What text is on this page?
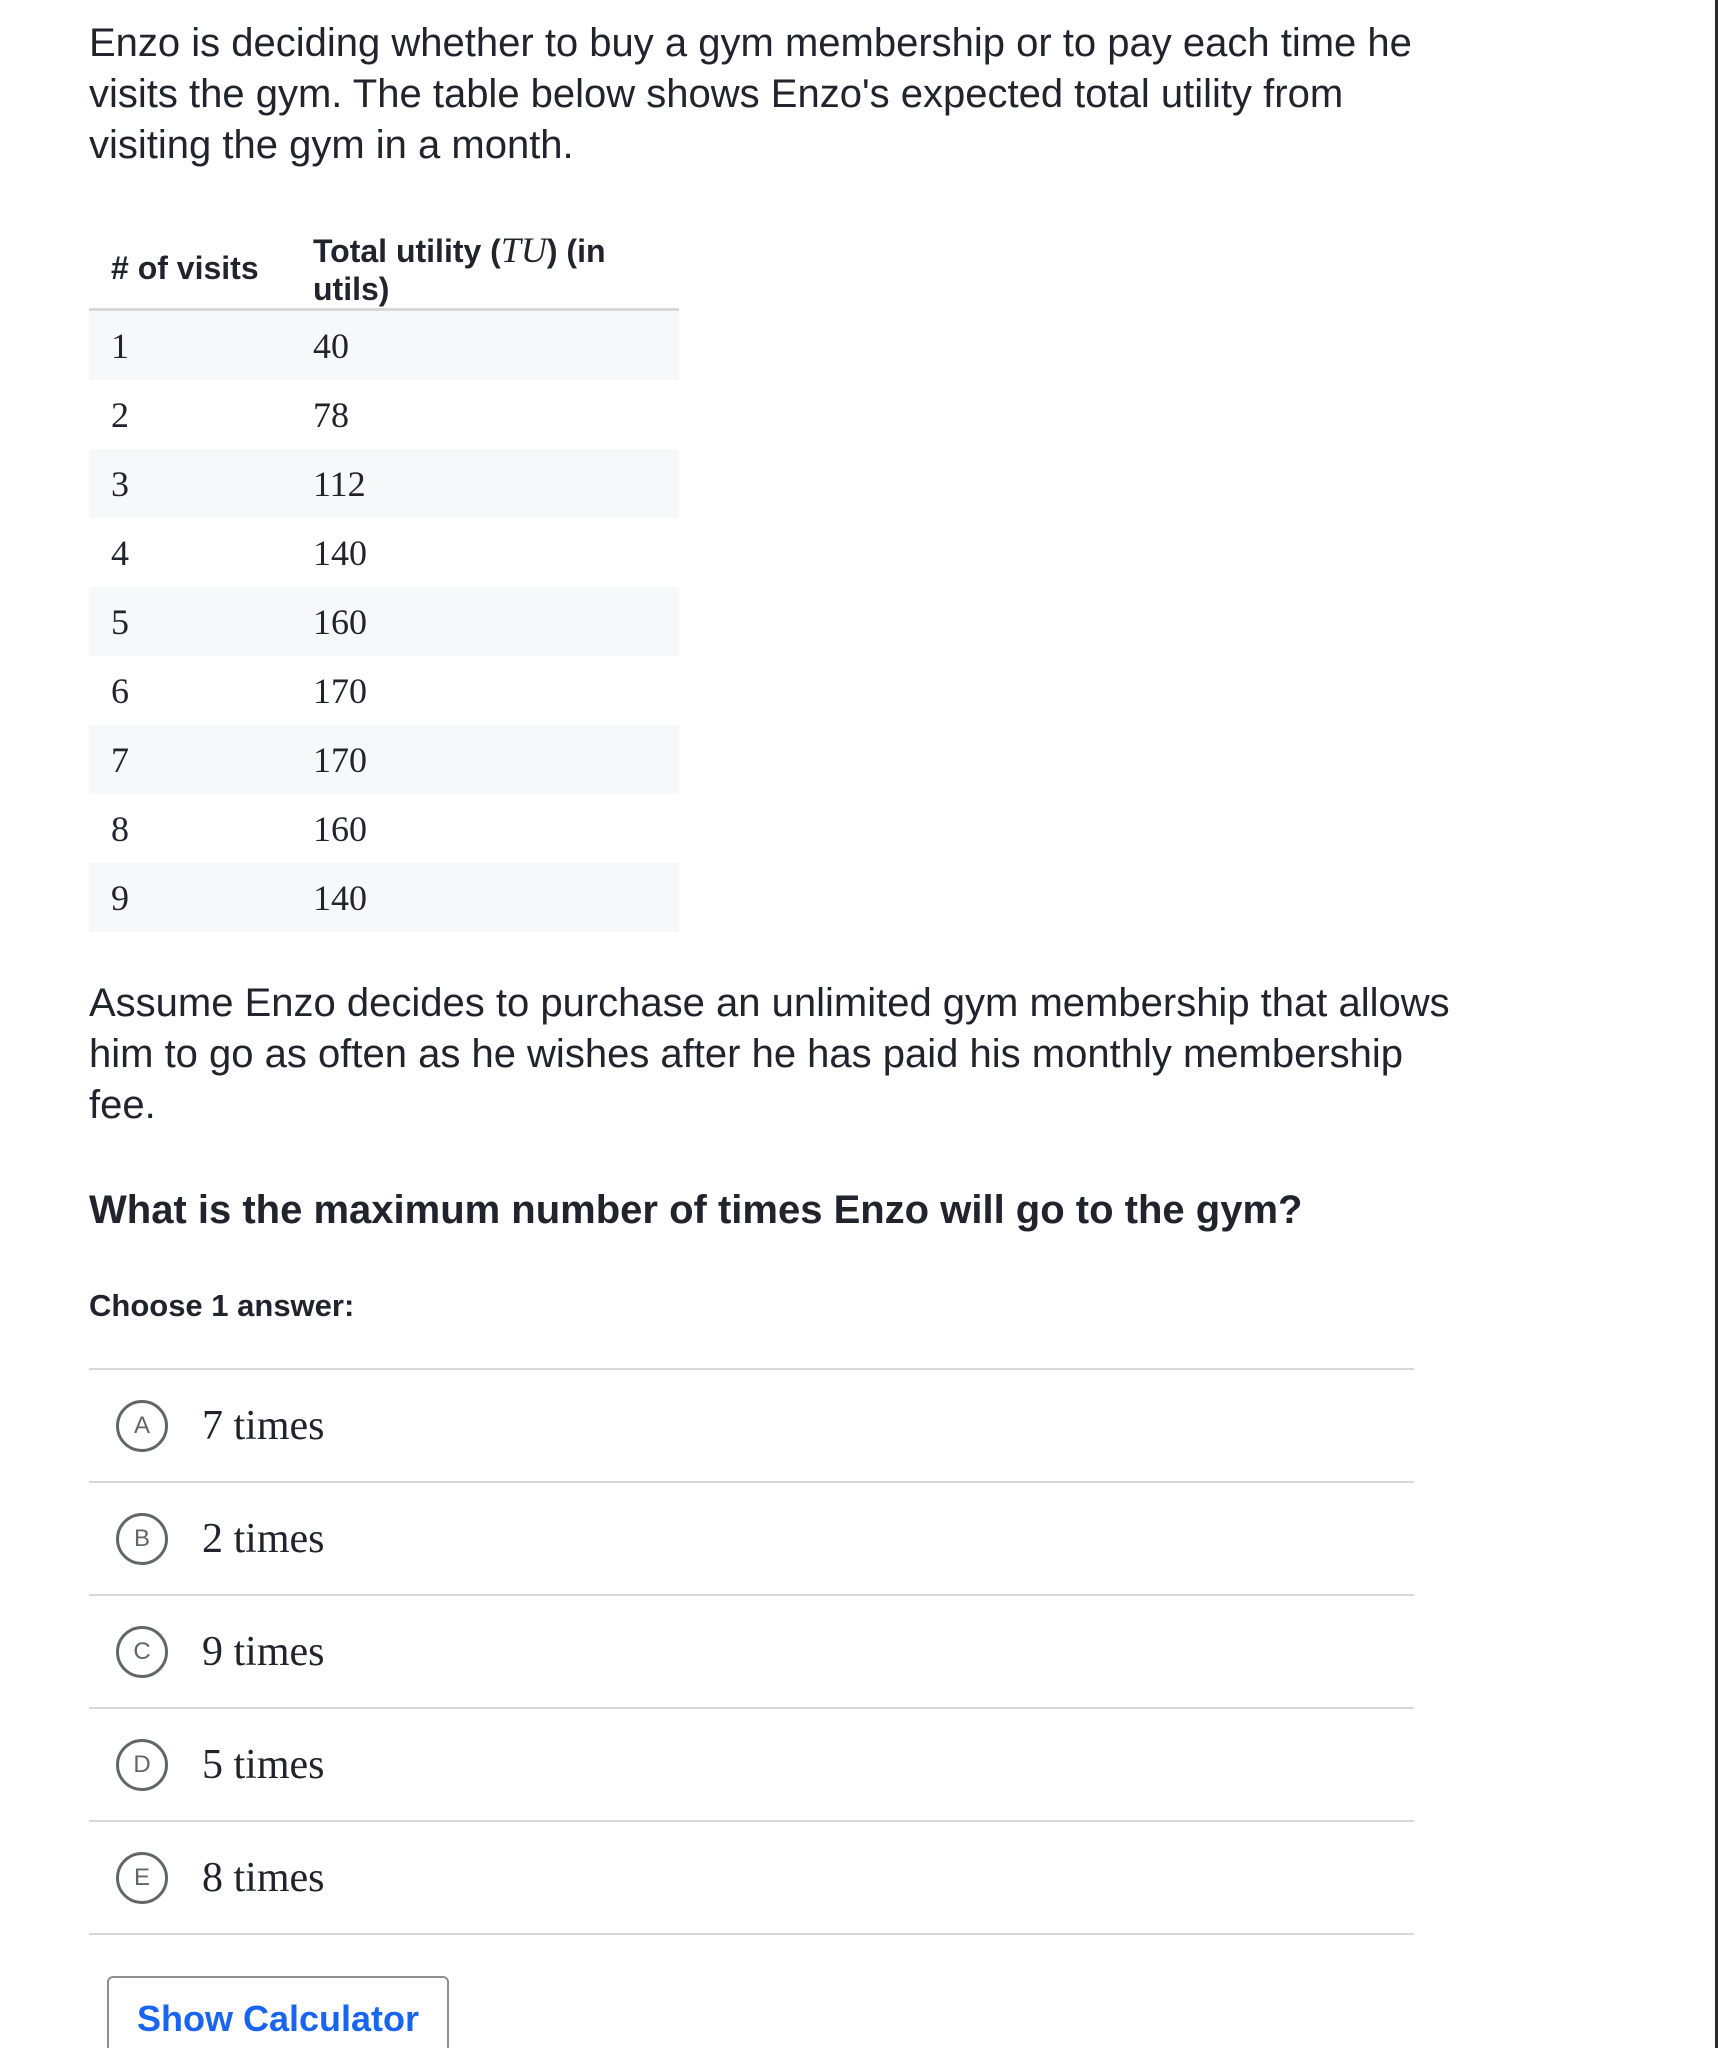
Enzo is deciding whether to buy a gym membership or to pay each time he visits the gym. The table below shows Enzo's expected total utility from visiting the gym in a month.

# of visits	Total utility (TU) (in utils)
1	40
2	78
3	112
4	140
5	160
6	170
7	170
8	160
9	140

Assume Enzo decides to purchase an unlimited gym membership that allows him to go as often as he wishes after he has paid his monthly membership fee.

What is the maximum number of times Enzo will go to the gym?

Choose 1 answer:
A	7 times
B	2 times
C	9 times
D	5 times
E	8 times
Show Calculator
